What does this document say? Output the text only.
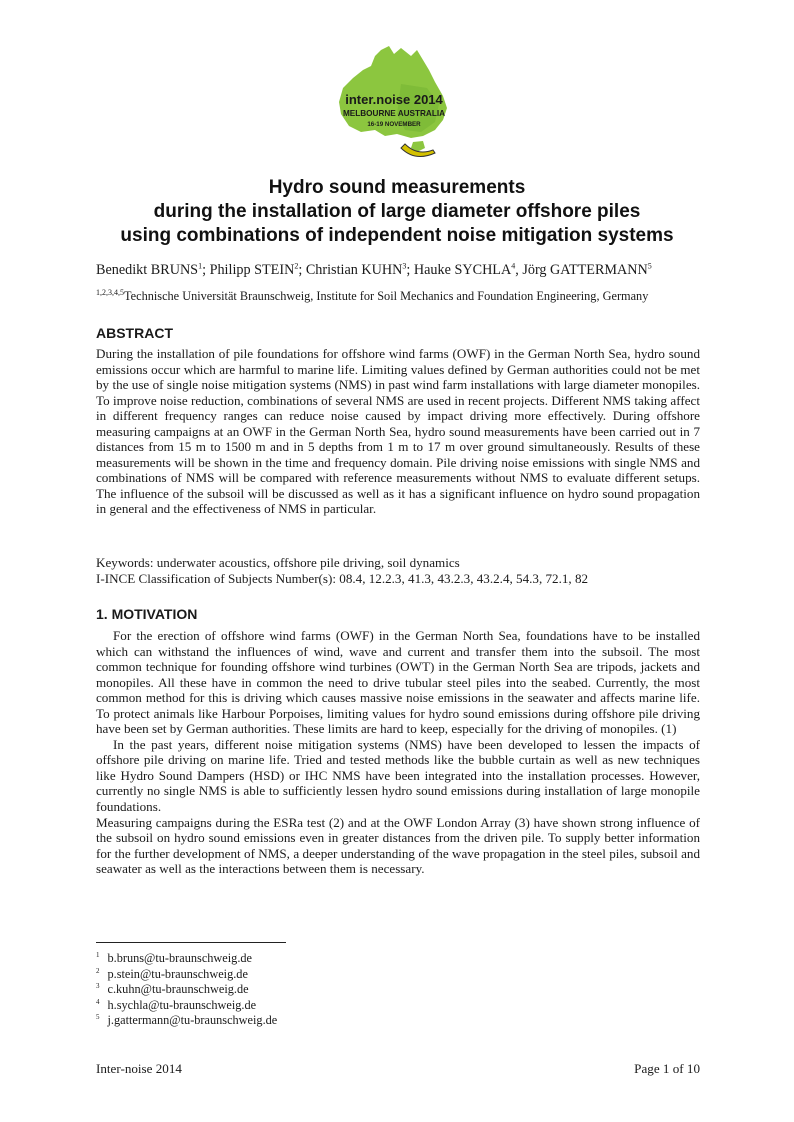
inter.noise 2014
MELBOURNE AUSTRALIA
16-19 NOVEMBER
Hydro sound measurements
during the installation of large diameter offshore piles
using combinations of independent noise mitigation systems
Benedikt BRUNS$^1$; Philipp STEIN$^2$; Christian KUHN$^3$; Hauke SYCHLA$^4$, Jörg GATTERMANN$^5$
$^{1,2,3,4,5}$Technische Universität Braunschweig, Institute for Soil Mechanics and Foundation Engineering, Germany
ABSTRACT
During the installation of pile foundations for offshore wind farms (OWF) in the German North Sea, hydro sound emissions occur which are harmful to marine life. Limiting values defined by German authorities could not be met by the use of single noise mitigation systems (NMS) in past wind farm installations with large diameter monopiles. To improve noise reduction, combinations of several NMS are used in recent projects. Different NMS taking affect in different frequency ranges can reduce noise caused by impact driving more effectively. During offshore measuring campaigns at an OWF in the German North Sea, hydro sound measurements have been carried out in 7 distances from 15 m to 1500 m and in 5 depths from 1 m to 17 m over ground simultaneously. Results of these measurements will be shown in the time and frequency domain. Pile driving noise emissions with single NMS and combinations of NMS will be compared with reference measurements without NMS to evaluate different setups. The influence of the subsoil will be discussed as well as it has a significant influence on hydro sound propagation in general and the effectiveness of NMS in particular.
Keywords: underwater acoustics, offshore pile driving, soil dynamics
I-INCE Classification of Subjects Number(s): 08.4, 12.2.3, 41.3, 43.2.3, 43.2.4, 54.3, 72.1, 82
1. MOTIVATION
For the erection of offshore wind farms (OWF) in the German North Sea, foundations have to be installed which can withstand the influences of wind, wave and current and transfer them into the subsoil. The most common technique for founding offshore wind turbines (OWT) in the German North Sea are tripods, jackets and monopiles. All these have in common the need to drive tubular steel piles into the seabed. Currently, the most common method for this is driving which causes massive noise emissions in the seawater and affects marine life. To protect animals like Harbour Porpoises, limiting values for hydro sound emissions during offshore pile driving have been set by German authorities. These limits are hard to keep, especially for the driving of monopiles. (1)
In the past years, different noise mitigation systems (NMS) have been developed to lessen the impacts of offshore pile driving on marine life. Tried and tested methods like the bubble curtain as well as new techniques like Hydro Sound Dampers (HSD) or IHC NMS have been integrated into the installation processes. However, currently no single NMS is able to sufficiently lessen hydro sound emissions during installation of large monopile foundations.
Measuring campaigns during the ESRa test (2) and at the OWF London Array (3) have shown strong influence of the subsoil on hydro sound emissions even in greater distances from the driven pile. To supply better information for the further development of NMS, a deeper understanding of the wave propagation in the steel piles, subsoil and seawater as well as the interactions between them is necessary.
$^1$ b.bruns@tu-braunschweig.de
$^2$ p.stein@tu-braunschweig.de
$^3$ c.kuhn@tu-braunschweig.de
$^4$ h.sychla@tu-braunschweig.de
$^5$ j.gattermann@tu-braunschweig.de
Inter-noise 2014	Page 1 of 10
